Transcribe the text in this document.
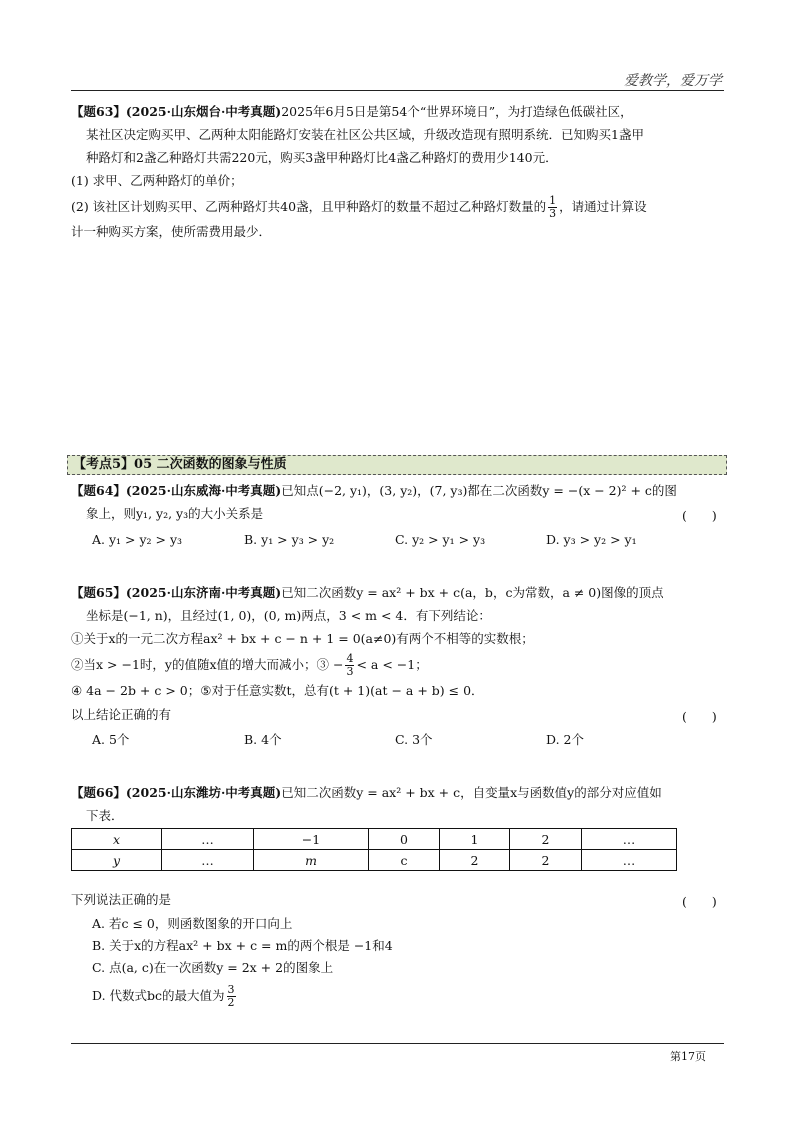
爱教学，爱万学
【题63】(2025·山东烟台·中考真题)2025年6月5日是第54个“世界环境日”，为打造绿色低碳社区，
某社区决定购买甲、乙两种太阳能路灯安装在社区公共区域，升级改造现有照明系统．已知购买1盏甲
种路灯和2盏乙种路灯共需220元，购买3盏甲种路灯比4盏乙种路灯的费用少140元．
(1) 求甲、乙两种路灯的单价；
(2) 该社区计划购买甲、乙两种路灯共40盏，且甲种路灯的数量不超过乙种路灯数量的 $\frac{1}{3}$ ，请通过计算设
计一种购买方案，使所需费用最少．
【考点5】05 二次函数的图象与性质
【题64】(2025·山东威海·中考真题)已知点(−2, y₁)，(3, y₂)，(7, y₃)都在二次函数y = −(x − 2)² + c的图
象上，则y₁, y₂, y₃的大小关系是	(　　)
A. y₁ > y₂ > y₃	B. y₁ > y₃ > y₂	C. y₂ > y₁ > y₃	D. y₃ > y₂ > y₁
【题65】(2025·山东济南·中考真题)已知二次函数y = ax² + bx + c(a，b，c为常数，a ≠ 0)图像的顶点
坐标是(−1, n)，且经过(1, 0)，(0, m)两点，3 < m < 4．有下列结论：
①关于x的一元二次方程ax² + bx + c − n + 1 = 0(a≠0)有两个不相等的实数根；
②当x > −1时，y的值随x值的增大而减小；③ − $\frac{4}{3} < a < -1$；
④ 4a − 2b + c > 0；⑤对于任意实数t，总有(t + 1)(at − a + b) ≤ 0．
以上结论正确的有	(　　)
A. 5个	B. 4个	C. 3个	D. 2个
【题66】(2025·山东潍坊·中考真题)已知二次函数y = ax² + bx + c，自变量x与函数值y的部分对应值如
下表．
x	…	−1	0	1	2	…
y	…	m	c	2	2	…
下列说法正确的是	(　　)
A. 若c ≤ 0，则函数图象的开口向上
B. 关于x的方程ax² + bx + c = m的两个根是 −1和4
C. 点(a, c)在一次函数y = 2x + 2的图象上
D. 代数式bc的最大值为 $\frac{3}{2}$
第17页
